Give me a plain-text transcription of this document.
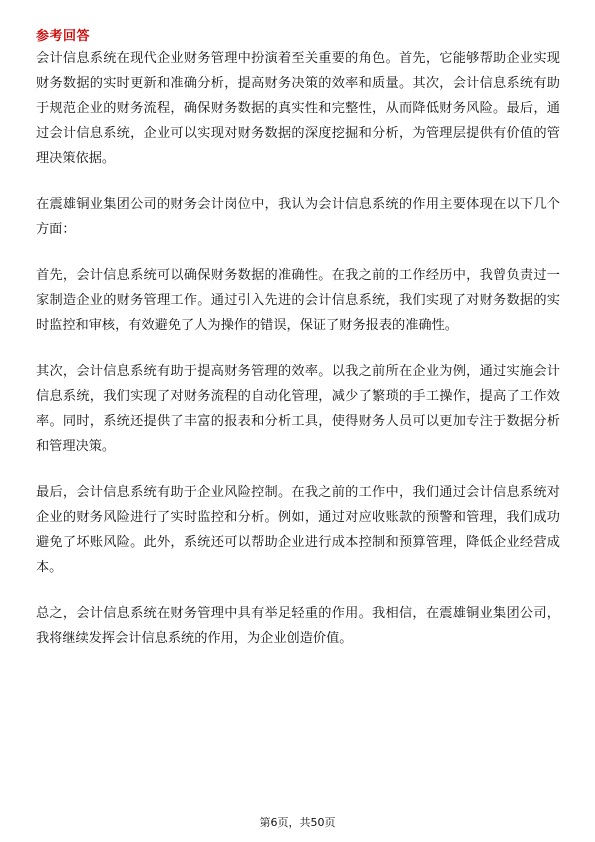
参考回答

会计信息系统在现代企业财务管理中扮演着至关重要的角色。首先，它能够帮助企业实现财务数据的实时更新和准确分析，提高财务决策的效率和质量。其次，会计信息系统有助于规范企业的财务流程，确保财务数据的真实性和完整性，从而降低财务风险。最后，通过会计信息系统，企业可以实现对财务数据的深度挖掘和分析，为管理层提供有价值的管理决策依据。

在震雄铜业集团公司的财务会计岗位中，我认为会计信息系统的作用主要体现在以下几个方面：

首先，会计信息系统可以确保财务数据的准确性。在我之前的工作经历中，我曾负责过一家制造企业的财务管理工作。通过引入先进的会计信息系统，我们实现了对财务数据的实时监控和审核，有效避免了人为操作的错误，保证了财务报表的准确性。

其次，会计信息系统有助于提高财务管理的效率。以我之前所在企业为例，通过实施会计信息系统，我们实现了对财务流程的自动化管理，减少了繁琐的手工操作，提高了工作效率。同时，系统还提供了丰富的报表和分析工具，使得财务人员可以更加专注于数据分析和管理决策。

最后，会计信息系统有助于企业风险控制。在我之前的工作中，我们通过会计信息系统对企业的财务风险进行了实时监控和分析。例如，通过对应收账款的预警和管理，我们成功避免了坏账风险。此外，系统还可以帮助企业进行成本控制和预算管理，降低企业经营成本。

总之，会计信息系统在财务管理中具有举足轻重的作用。我相信，在震雄铜业集团公司，我将继续发挥会计信息系统的作用，为企业创造价值。

第6页，共50页
